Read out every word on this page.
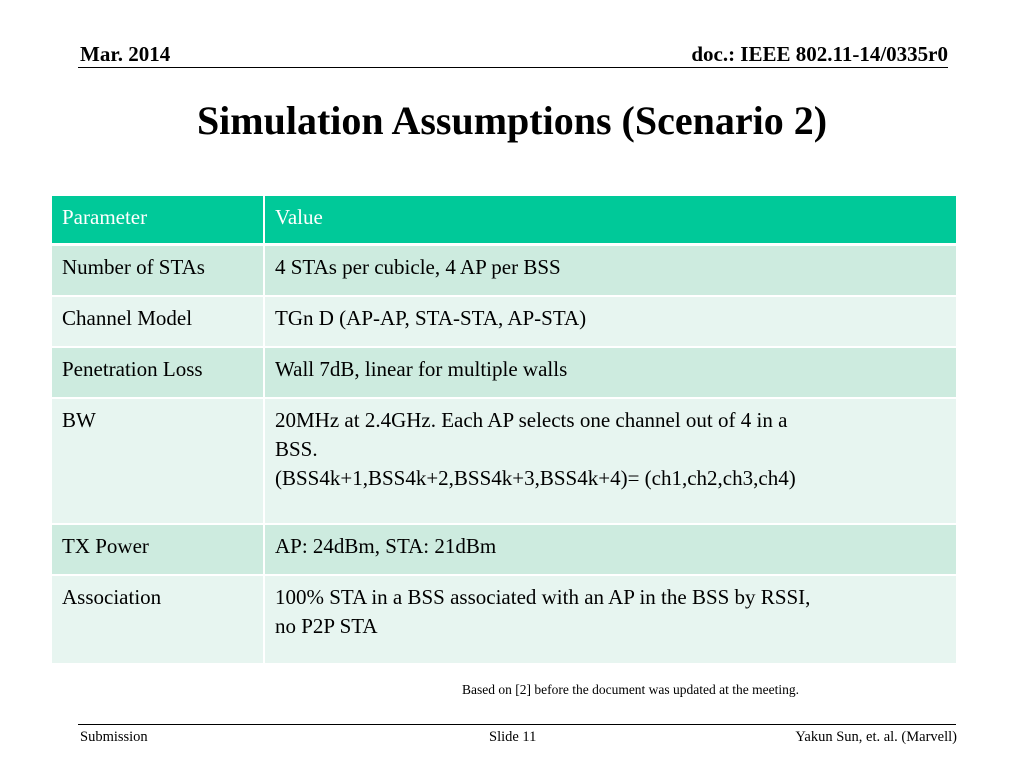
Mar. 2014	doc.: IEEE 802.11-14/0335r0
Simulation Assumptions (Scenario 2)
Parameter	Value
Number of STAs	4 STAs per cubicle, 4 AP per BSS

Channel Model	TGn D (AP-AP, STA-STA, AP-STA)

Penetration Loss	Wall 7dB, linear for multiple walls

BW	20MHz at 2.4GHz. Each AP selects one channel out of 4 in a
BSS.
(BSS4k+1,BSS4k+2,BSS4k+3,BSS4k+4)= (ch1,ch2,ch3,ch4)

TX Power	AP: 24dBm, STA: 21dBm

Association	100% STA in a BSS associated with an AP in the BSS by RSSI,
no P2P STA
Based on [2] before the document was updated at the meeting.
Submission	Slide 11	Yakun Sun, et. al. (Marvell)
